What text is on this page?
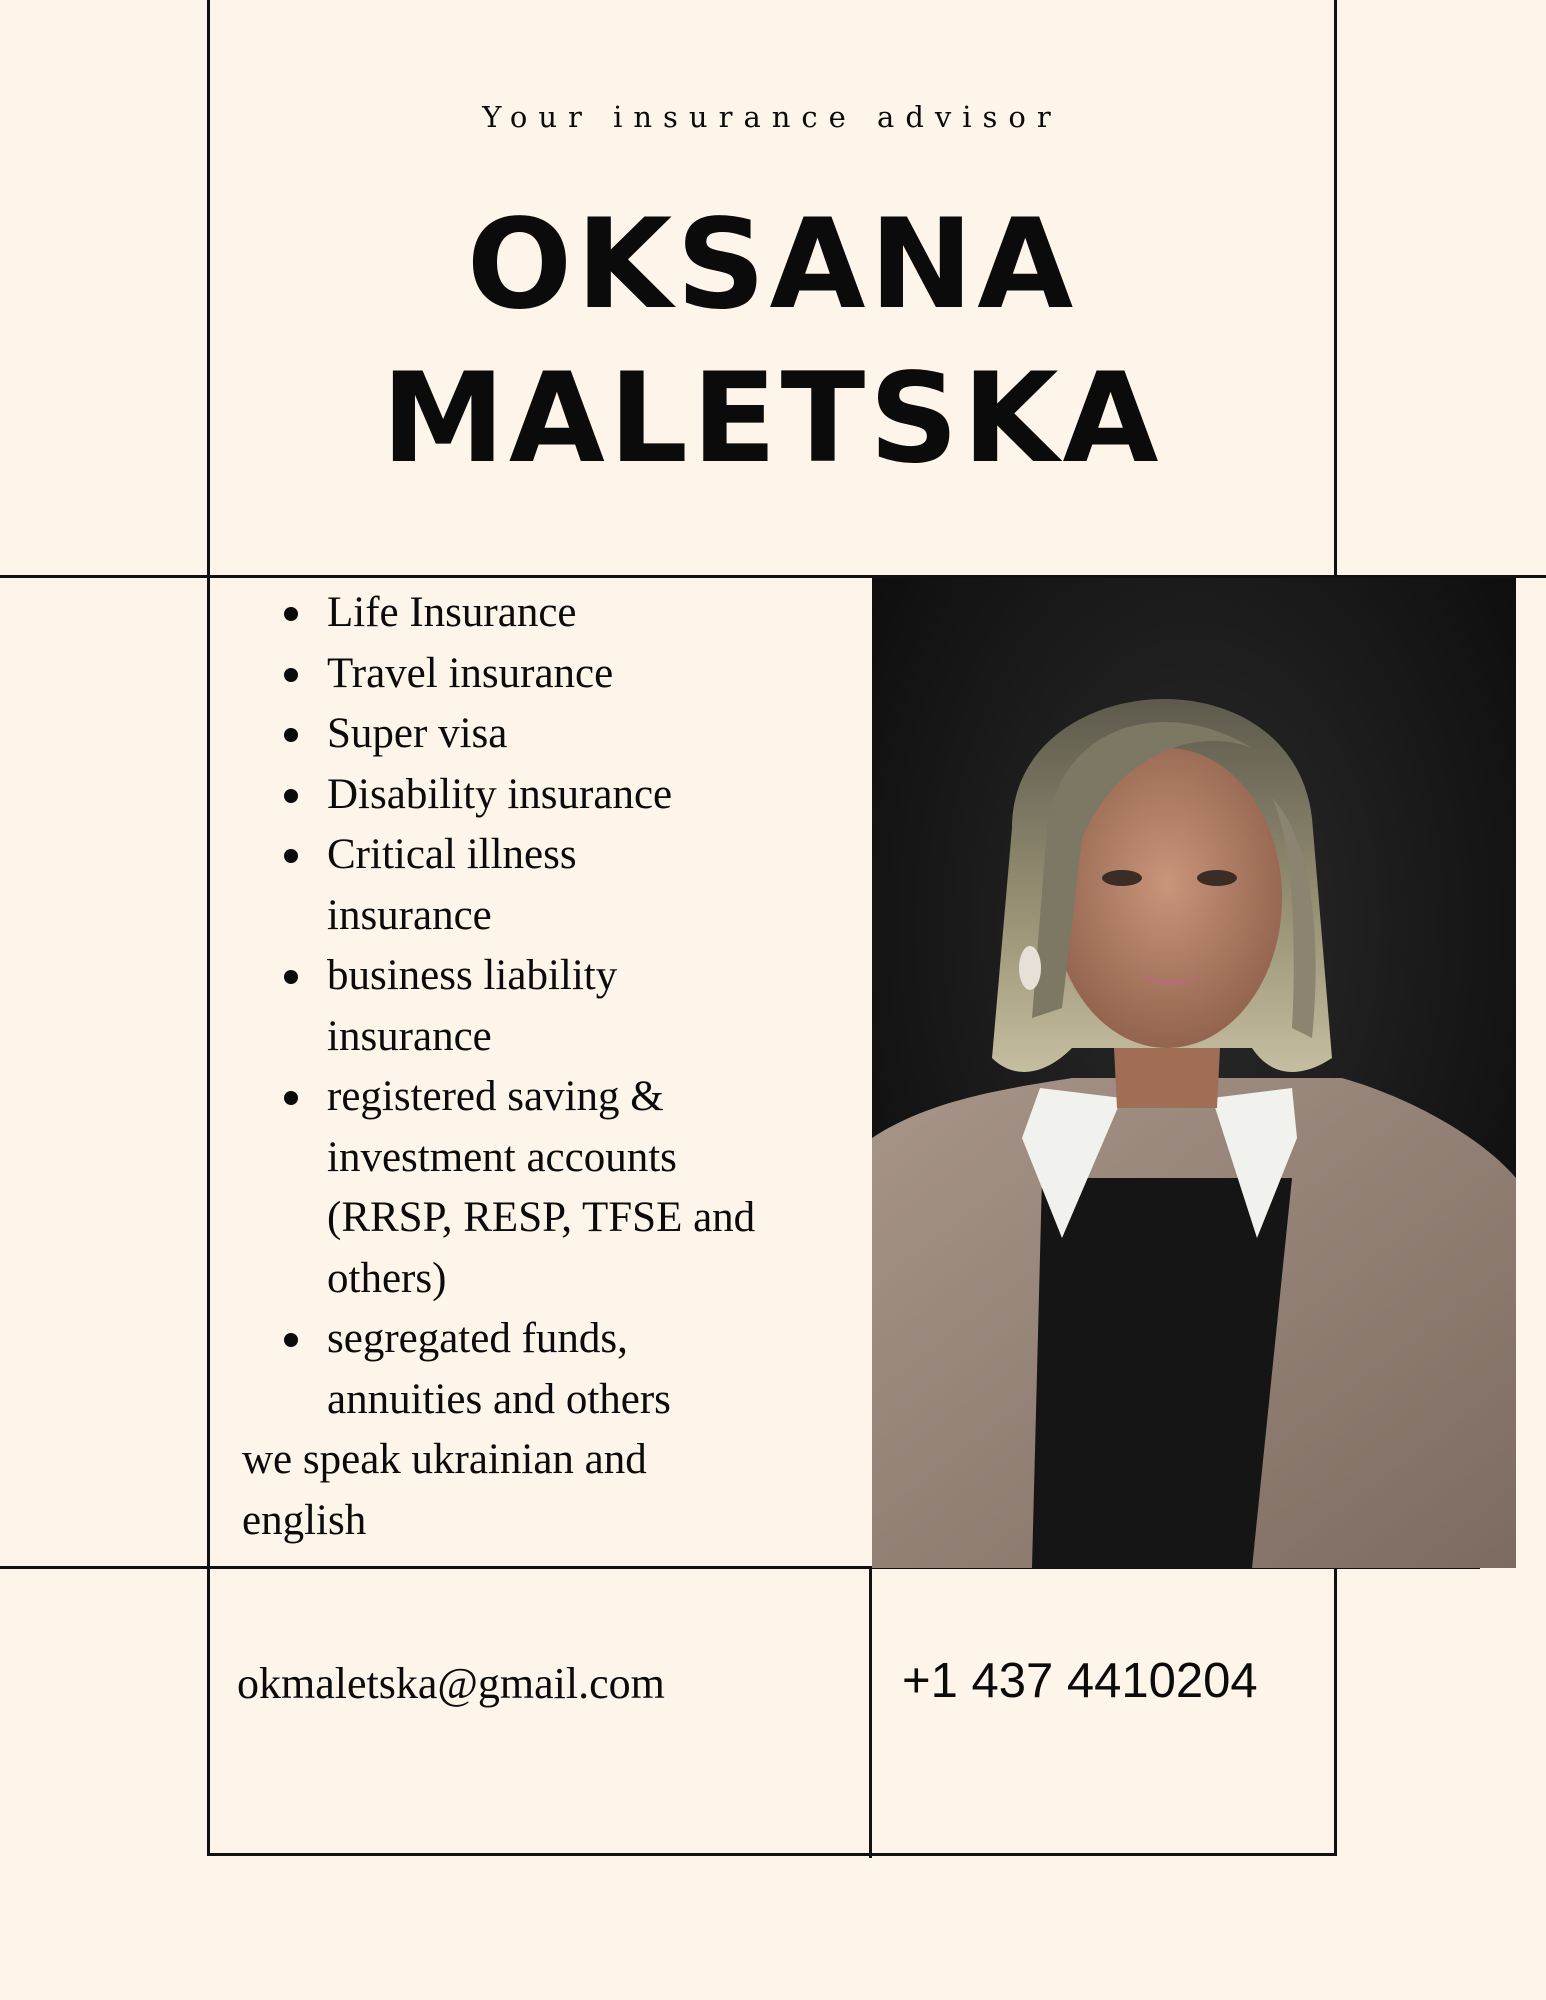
Your insurance advisor

OKSANA
MALETSKA
Life Insurance
Travel insurance
Super visa
Disability insurance
Critical illness insurance
business liability insurance
registered saving & investment accounts (RRSP, RESP, TFSE and others)
segregated funds, annuities and others

we speak ukrainian and english

okmaletska@gmail.com	+1 437 4410204
